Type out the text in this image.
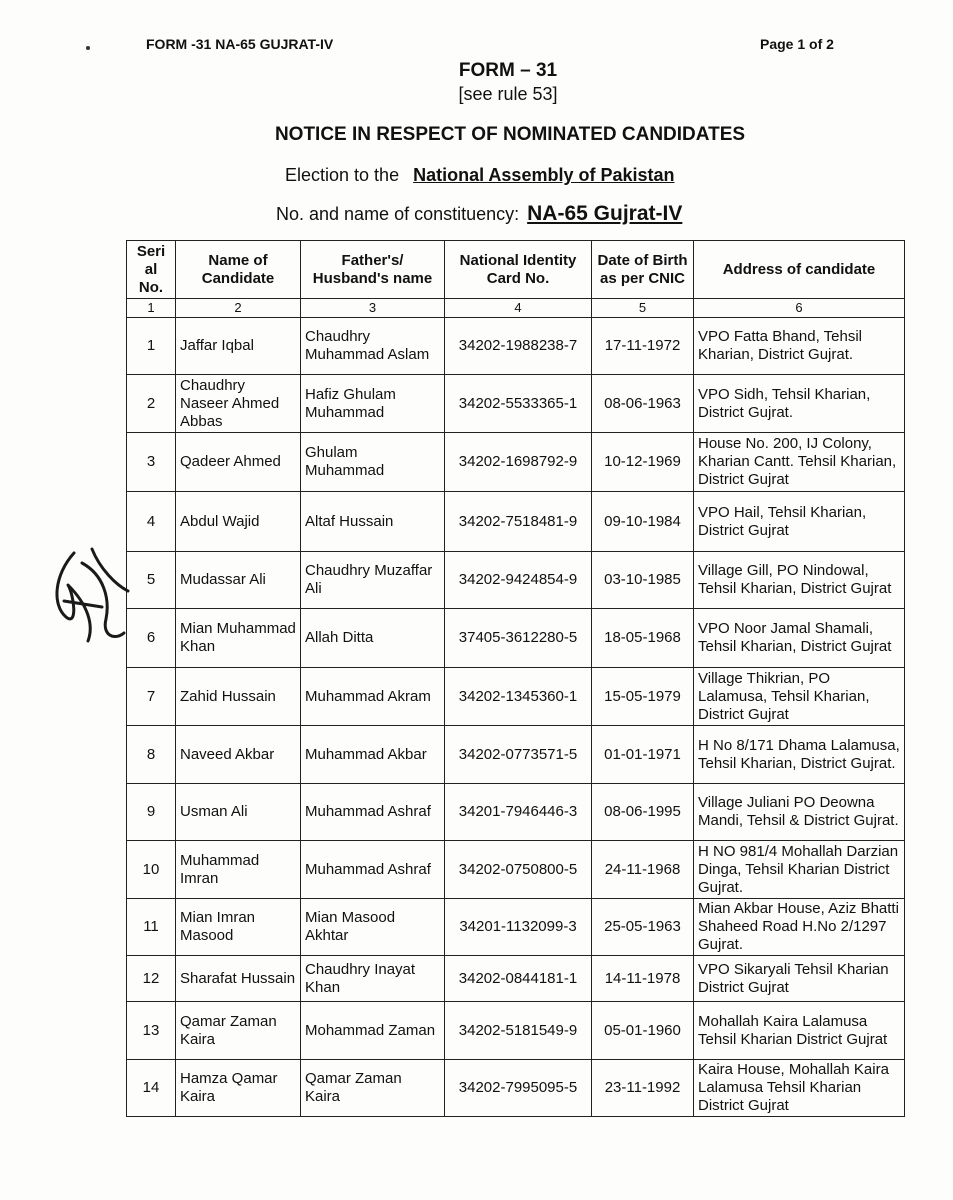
FORM -31 NA-65 GUJRAT-IV	Page 1 of 2
FORM – 31
[see rule 53]
NOTICE IN RESPECT OF NOMINATED CANDIDATES
Election to the National Assembly of Pakistan
No. and name of constituency: NA-65 Gujrat-IV
Seri al No.	Name of Candidate	Father's/ Husband's name	National Identity Card No.	Date of Birth as per CNIC	Address of candidate
1	2	3	4	5	6
1	Jaffar Iqbal	Chaudhry Muhammad Aslam	34202-1988238-7	17-11-1972	VPO Fatta Bhand, Tehsil Kharian, District Gujrat.
2	Chaudhry Naseer Ahmed Abbas	Hafiz Ghulam Muhammad	34202-5533365-1	08-06-1963	VPO Sidh, Tehsil Kharian, District Gujrat.
3	Qadeer Ahmed	Ghulam Muhammad	34202-1698792-9	10-12-1969	House No. 200, IJ Colony, Kharian Cantt. Tehsil Kharian, District Gujrat
4	Abdul Wajid	Altaf Hussain	34202-7518481-9	09-10-1984	VPO Hail, Tehsil Kharian, District Gujrat
5	Mudassar Ali	Chaudhry Muzaffar Ali	34202-9424854-9	03-10-1985	Village Gill, PO Nindowal, Tehsil Kharian, District Gujrat
6	Mian Muhammad Khan	Allah Ditta	37405-3612280-5	18-05-1968	VPO Noor Jamal Shamali, Tehsil Kharian, District Gujrat
7	Zahid Hussain	Muhammad Akram	34202-1345360-1	15-05-1979	Village Thikrian, PO Lalamusa, Tehsil Kharian, District Gujrat
8	Naveed Akbar	Muhammad Akbar	34202-0773571-5	01-01-1971	H No 8/171 Dhama Lalamusa, Tehsil Kharian, District Gujrat.
9	Usman Ali	Muhammad Ashraf	34201-7946446-3	08-06-1995	Village Juliani PO Deowna Mandi, Tehsil & District Gujrat.
10	Muhammad Imran	Muhammad Ashraf	34202-0750800-5	24-11-1968	H NO 981/4 Mohallah Darzian Dinga, Tehsil Kharian District Gujrat.
11	Mian Imran Masood	Mian Masood Akhtar	34201-1132099-3	25-05-1963	Mian Akbar House, Aziz Bhatti Shaheed Road H.No 2/1297 Gujrat.
12	Sharafat Hussain	Chaudhry Inayat Khan	34202-0844181-1	14-11-1978	VPO Sikaryali Tehsil Kharian District Gujrat
13	Qamar Zaman Kaira	Mohammad Zaman	34202-5181549-9	05-01-1960	Mohallah Kaira Lalamusa Tehsil Kharian District Gujrat
14	Hamza Qamar Kaira	Qamar Zaman Kaira	34202-7995095-5	23-11-1992	Kaira House, Mohallah Kaira Lalamusa Tehsil Kharian District Gujrat
